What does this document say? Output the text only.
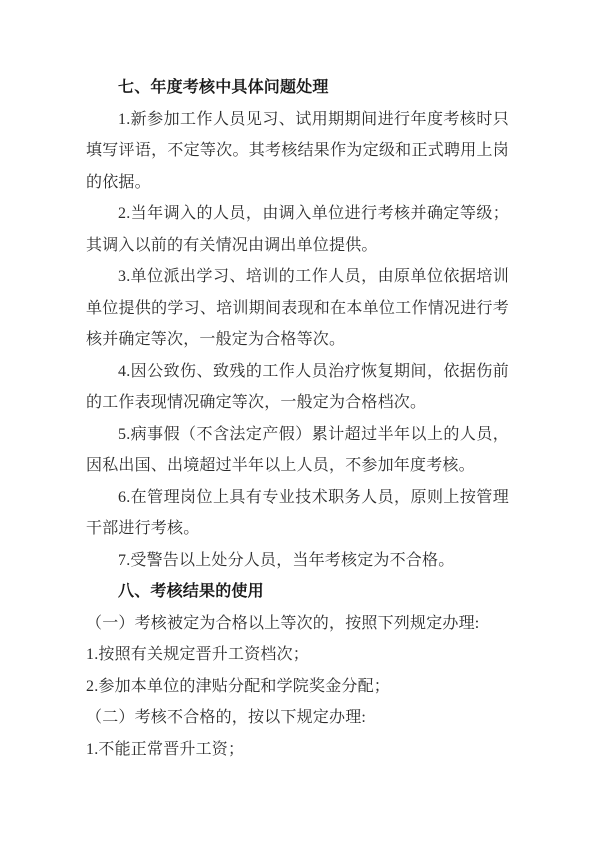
七、年度考核中具体问题处理

1.新参加工作人员见习、试用期期间进行年度考核时只填写评语，不定等次。其考核结果作为定级和正式聘用上岗的依据。

2.当年调入的人员，由调入单位进行考核并确定等级；其调入以前的有关情况由调出单位提供。

3.单位派出学习、培训的工作人员，由原单位依据培训单位提供的学习、培训期间表现和在本单位工作情况进行考核并确定等次，一般定为合格等次。

4.因公致伤、致残的工作人员治疗恢复期间，依据伤前的工作表现情况确定等次，一般定为合格档次。

5.病事假（不含法定产假）累计超过半年以上的人员，因私出国、出境超过半年以上人员，不参加年度考核。

6.在管理岗位上具有专业技术职务人员，原则上按管理干部进行考核。

7.受警告以上处分人员，当年考核定为不合格。

八、考核结果的使用

（一）考核被定为合格以上等次的，按照下列规定办理:

1.按照有关规定晋升工资档次；

2.参加本单位的津贴分配和学院奖金分配；

（二）考核不合格的，按以下规定办理:

1.不能正常晋升工资；
